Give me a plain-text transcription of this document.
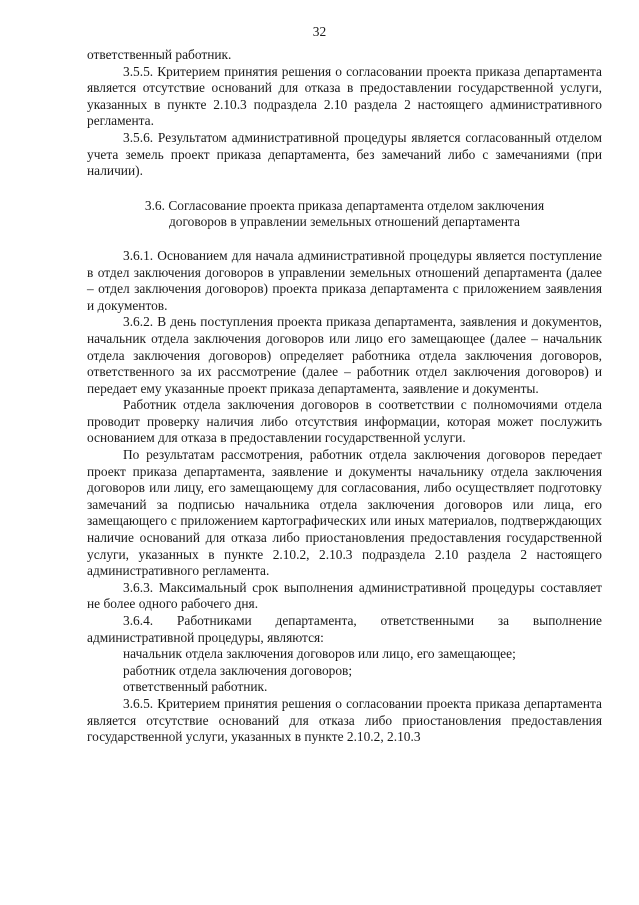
32

ответственный работник.

3.5.5. Критерием принятия решения о согласовании проекта приказа департамента является отсутствие оснований для отказа в предоставлении государственной услуги, указанных в пункте 2.10.3 подраздела 2.10 раздела 2 настоящего административного регламента.

3.5.6. Результатом административной процедуры является согласованный отделом учета земель проект приказа департамента, без замечаний либо с замечаниями (при наличии).

3.6. Согласование проекта приказа департамента отделом заключения

договоров в управлении земельных отношений департамента

3.6.1. Основанием для начала административной процедуры является поступление в отдел заключения договоров в управлении земельных отношений департамента (далее – отдел заключения договоров) проекта приказа департамента с приложением заявления и документов.

3.6.2. В день поступления проекта приказа департамента, заявления и документов, начальник отдела заключения договоров или лицо его замещающее (далее – начальник отдела заключения договоров) определяет работника отдела заключения договоров, ответственного за их рассмотрение (далее – работник отдел заключения договоров) и передает ему указанные проект приказа департамента, заявление и документы.

Работник отдела заключения договоров в соответствии с полномочиями отдела проводит проверку наличия либо отсутствия информации, которая может послужить основанием для отказа в предоставлении государственной услуги.

По результатам рассмотрения, работник отдела заключения договоров передает проект приказа департамента, заявление и документы начальнику отдела заключения договоров или лицу, его замещающему для согласования, либо осуществляет подготовку замечаний за подписью начальника отдела заключения договоров или лица, его замещающего с приложением картографических или иных материалов, подтверждающих наличие оснований для отказа либо приостановления предоставления государственной услуги, указанных в пункте 2.10.2, 2.10.3 подраздела 2.10 раздела 2 настоящего административного регламента.

3.6.3. Максимальный срок выполнения административной процедуры составляет не более одного рабочего дня.

3.6.4. Работниками департамента, ответственными за выполнение административной процедуры, являются:

начальник отдела заключения договоров или лицо, его замещающее;

работник отдела заключения договоров;

ответственный работник.

3.6.5. Критерием принятия решения о согласовании проекта приказа департамента является отсутствие оснований для отказа либо приостановления предоставления государственной услуги, указанных в пункте 2.10.2, 2.10.3
